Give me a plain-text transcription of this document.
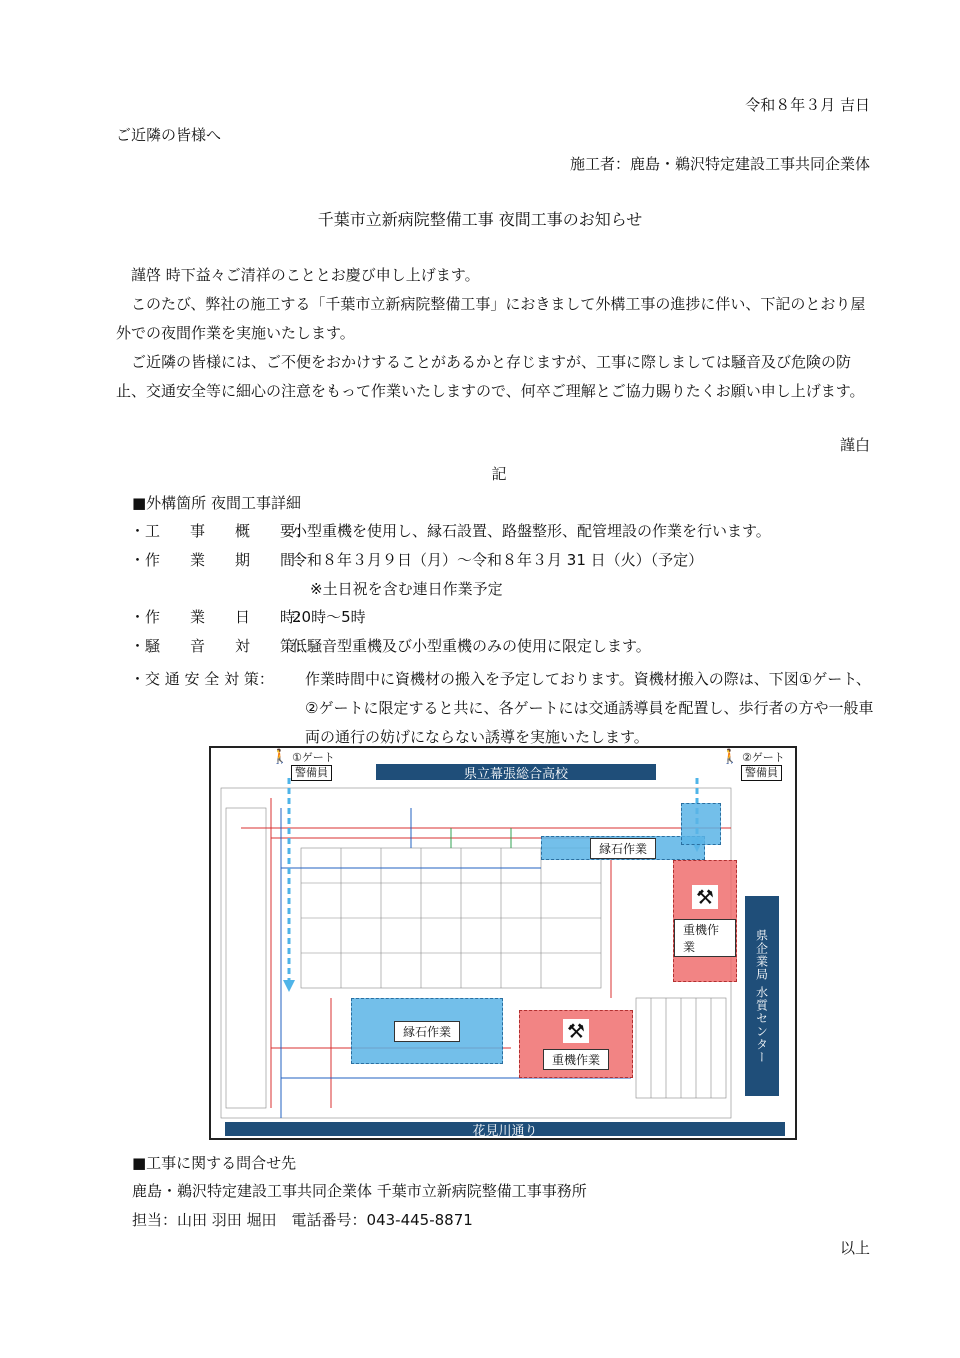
令和８年３月 吉日
ご近隣の皆様へ
施工者：鹿島・鵜沢特定建設工事共同企業体
千葉市立新病院整備工事 夜間工事のお知らせ
謹啓 時下益々ご清祥のこととお慶び申し上げます。
このたび、弊社の施工する「千葉市立新病院整備工事」におきまして外構工事の進捗に伴い、下記のとおり屋外での夜間作業を実施いたします。
ご近隣の皆様には、ご不便をおかけすることがあるかと存じますが、工事に際しましては騒音及び危険の防止、交通安全等に細心の注意をもって作業いたしますので、何卒ご理解とご協力賜りたくお願い申し上げます。
謹白
記
■外構箇所 夜間工事詳細
・工　　事　　概　　要：
小型重機を使用し、縁石設置、路盤整形、配管埋設の作業を行います。
・作　　業　　期　　間：
令和８年３月９日（月）～令和８年３月 31 日（火）（予定）
※土日祝を含む連日作業予定
・作　　業　　日　　時：
20時～5時
・騒　　音　　対　　策：
低騒音型重機及び小型重機のみの使用に限定します。
・交 通 安 全 対 策：	作業時間中に資機材の搬入を予定しております。資機材搬入の際は、下図①ゲート、②ゲートに限定すると共に、各ゲートには交通誘導員を配置し、歩行者の方や一般車両の通行の妨げにならない誘導を実施いたします。
県立幕張総合高校
花見川通り
県企業局 水質センター
🚶 ①ゲート
警備員
🚶 ②ゲート
警備員
縁石作業
縁石作業
⚒
重機作業
⚒
重機作業
■工事に関する問合せ先
鹿島・鵜沢特定建設工事共同企業体 千葉市立新病院整備工事事務所
担当：山田 羽田 堀田　電話番号：043-445-8871
以上
